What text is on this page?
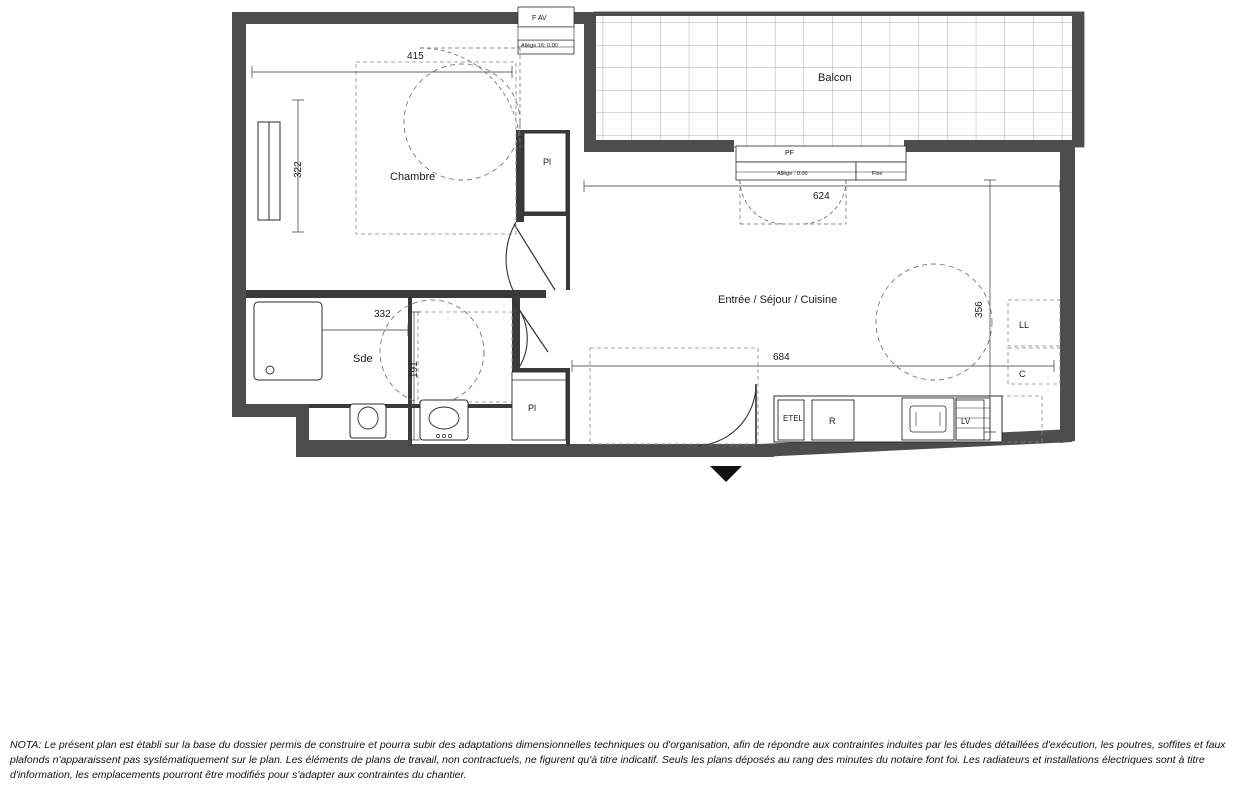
Chambre
Sde
Entrée / Séjour / Cuisine
Balcon
Pl
Pl
ETEL	R	LV
LL
C
F AV
Allège 16: 0.00
PF
Allège : 0.00	Fixe
415
322
332
191
624
684
356
NOTA: Le présent plan est établi sur la base du dossier permis de construire et pourra subir des adaptations dimensionnelles techniques ou d'organisation, afin de répondre aux contraintes induites par les études détaillées d'exécution, les poutres, soffites et faux plafonds n'apparaissent pas systématiquement sur le plan. Les éléments de plans de travail, non contractuels, ne figurent qu'à titre indicatif. Seuls les plans déposés au rang des minutes du notaire font foi. Les radiateurs et installations électriques sont à titre d'information, les emplacements pourront être modifiés pour s'adapter aux contraintes du chantier.
